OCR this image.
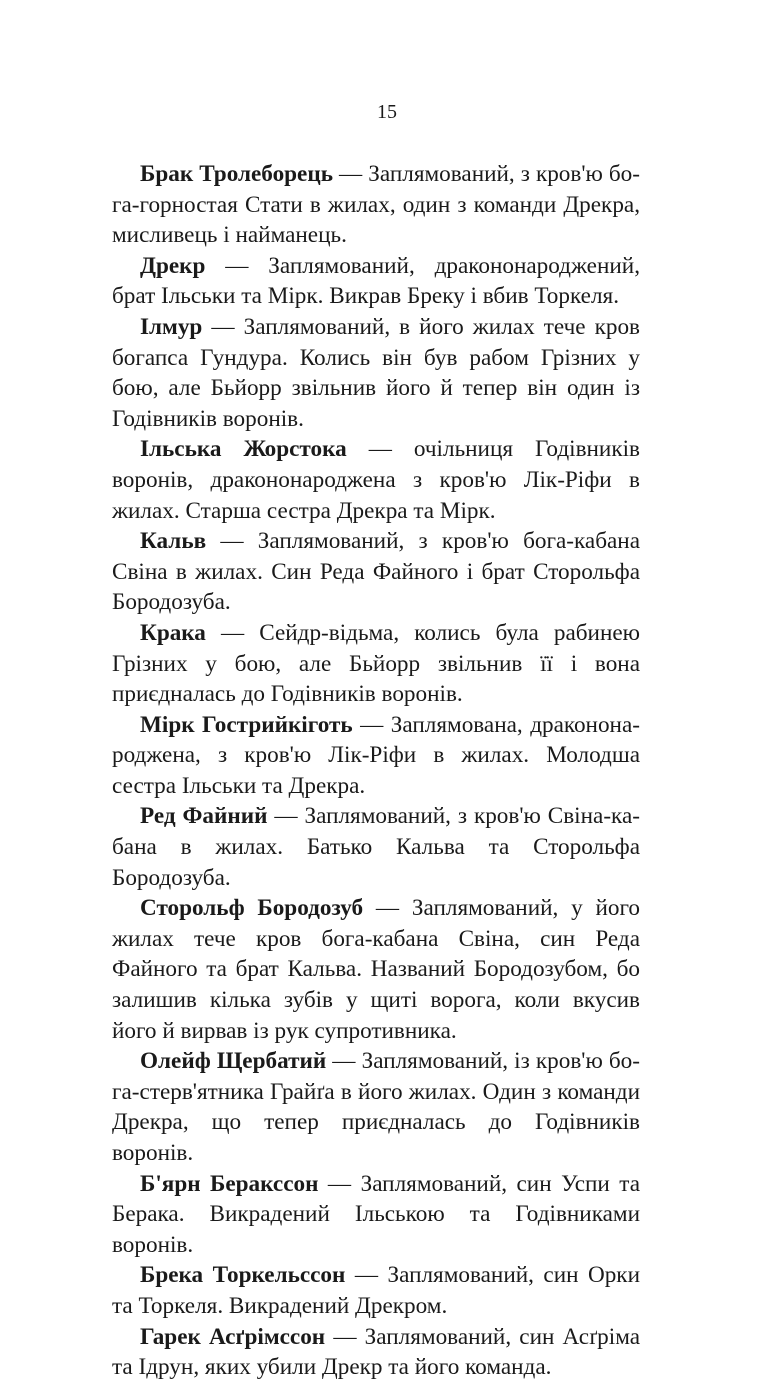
15

Брак Тролеборець — Заплямований, з кров'ю бога-горностая Стати в жилах, один з команди Дрекра, мисливець і найманець.

Дрекр — Заплямований, дракононароджений, брат Ільськи та Мірк. Викрав Бреку і вбив Торкеля.

Ілмур — Заплямований, в його жилах тече кров богапса Гундура. Колись він був рабом Грізних у бою, але Бьйорр звільнив його й тепер він один із Годівників воронів.

Ільська Жорстока — очільниця Годівників воронів, дракононароджена з кров'ю Лік-Ріфи в жилах. Старша сестра Дрекра та Мірк.

Кальв — Заплямований, з кров'ю бога-кабана Свіна в жилах. Син Реда Файного і брат Сторольфа Бородозуба.

Крака — Сейдр-відьма, колись була рабинею Грізних у бою, але Бьйорр звільнив її і вона приєдналась до Годівників воронів.

Мірк Гострийкіготь — Заплямована, дракононароджена, з кров'ю Лік-Ріфи в жилах. Молодша сестра Ільськи та Дрекра.

Ред Файний — Заплямований, з кров'ю Свіна-кабана в жилах. Батько Кальва та Сторольфа Бородозуба.

Сторольф Бородозуб — Заплямований, у його жилах тече кров бога-кабана Свіна, син Реда Файного та брат Кальва. Названий Бородозубом, бо залишив кілька зубів у щиті ворога, коли вкусив його й вирвав із рук супротивника.

Олейф Щербатий — Заплямований, із кров'ю бога-стерв'ятника Грайґа в його жилах. Один з команди Дрекра, що тепер приєдналась до Годівників воронів.

Б'ярн Бераксcон — Заплямований, син Успи та Берака. Викрадений Ільською та Годівниками воронів.

Брека Торкельссон — Заплямований, син Орки та Торкеля. Викрадений Дрекром.

Гарек Асґрімссон — Заплямований, син Асґріма та Ідрун, яких убили Дрекр та його команда.
